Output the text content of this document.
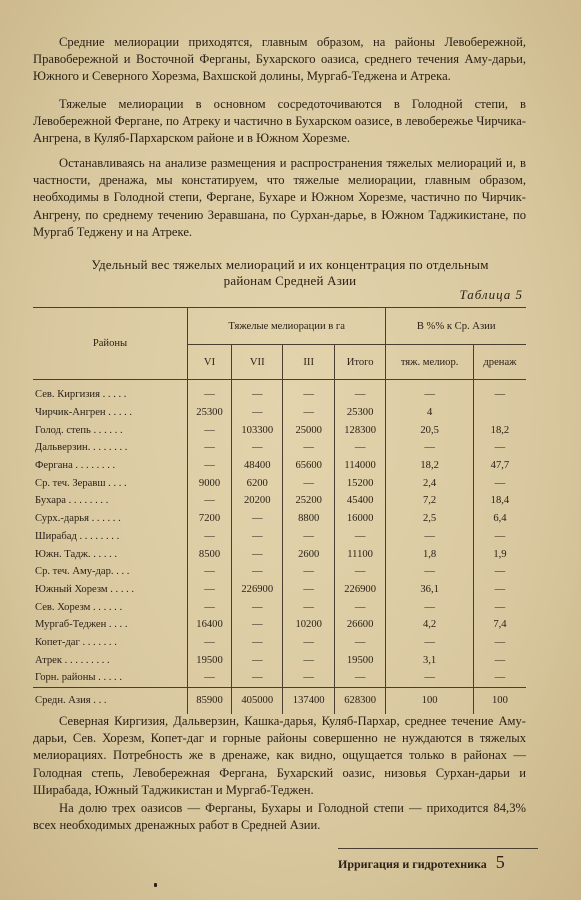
Средние мелиорации приходятся, главным образом, на районы Левобережной, Правобережной и Восточной Ферганы, Бухарского оазиса, среднего течения Аму-дарьи, Южного и Северного Хорезма, Вахшской долины, Мургаб-Теджена и Атрека.

Тяжелые мелиорации в основном сосредоточиваются в Голодной степи, в Левобережной Фергане, по Атреку и частично в Бухарском оазисе, в левобережье Чирчика-Ангрена, в Куляб-Пархарском районе и в Южном Хорезме.

Останавливаясь на анализе размещения и распространения тяжелых мелиораций и, в частности, дренажа, мы констатируем, что тяжелые мелиорации, главным образом, необходимы в Голодной степи, Фергане, Бухаре и Южном Хорезме, частично по Чирчик-Ангрену, по среднему течению Зеравшана, по Сурхан-дарье, в Южном Таджикистане, по Мургаб Теджену и на Атреке.

Удельный вес тяжелых мелиораций и их концентрация по отдельным
районам Средней Азии
Таблица 5
Районы	Тяжелые мелиорации в га				В %% к Ср. Азии	
	VI	VII	III	Итого	тяж. мелиор.	дренаж

Сев. Киргизия . . . . .	—	—	—	—	—	—
Чирчик-Ангрен . . . . .	25300	—	—	25300	4	
Голод. степь . . . . . .	—	103300	25000	128300	20,5	18,2
Дальверзин. . . . . . . .	—	—	—	—	—	—
Фергана . . . . . . . .	—	48400	65600	114000	18,2	47,7
Ср. теч. Зеравш . . . .	9000	6200	—	15200	2,4	—
Бухара . . . . . . . .	—	20200	25200	45400	7,2	18,4
Сурх.-дарья . . . . . .	7200	—	8800	16000	2,5	6,4
Ширабад . . . . . . . .	—	—	—	—	—	—
Южн. Тадж. . . . . .	8500	—	2600	11100	1,8	1,9
Ср. теч. Аму-дар. . . .	—	—	—	—	—	—
Южный Хорезм . . . . .	—	226900	—	226900	36,1	—
Сев. Хорезм . . . . . .	—	—	—	—	—	—
Мургаб-Теджен . . . .	16400	—	10200	26600	4,2	7,4
Копет-даг . . . . . . .	—	—	—	—	—	—
Атрек . . . . . . . . .	19500	—	—	19500	3,1	—
Горн. районы . . . . .	—	—	—	—	—	—
Средн. Азия . . .	85900	405000	137400	628300	100	100

Северная Киргизия, Дальверзин, Кашка-дарья, Куляб-Пархар, среднее течение Аму-дарьи, Сев. Хорезм, Копет-даг и горные районы совершенно не нуждаются в тяжелых мелиорациях. Потребность же в дренаже, как видно, ощущается только в районах — Голодная степь, Левобережная Фергана, Бухарский оазис, низовья Сурхан-дарьи и Ширабада, Южный Таджикистан и Мургаб-Теджен.

На долю трех оазисов — Ферганы, Бухары и Голодной степи — приходится 84,3% всех необходимых дренажных работ в Средней Азии.

Ирригация и гидротехника 5
